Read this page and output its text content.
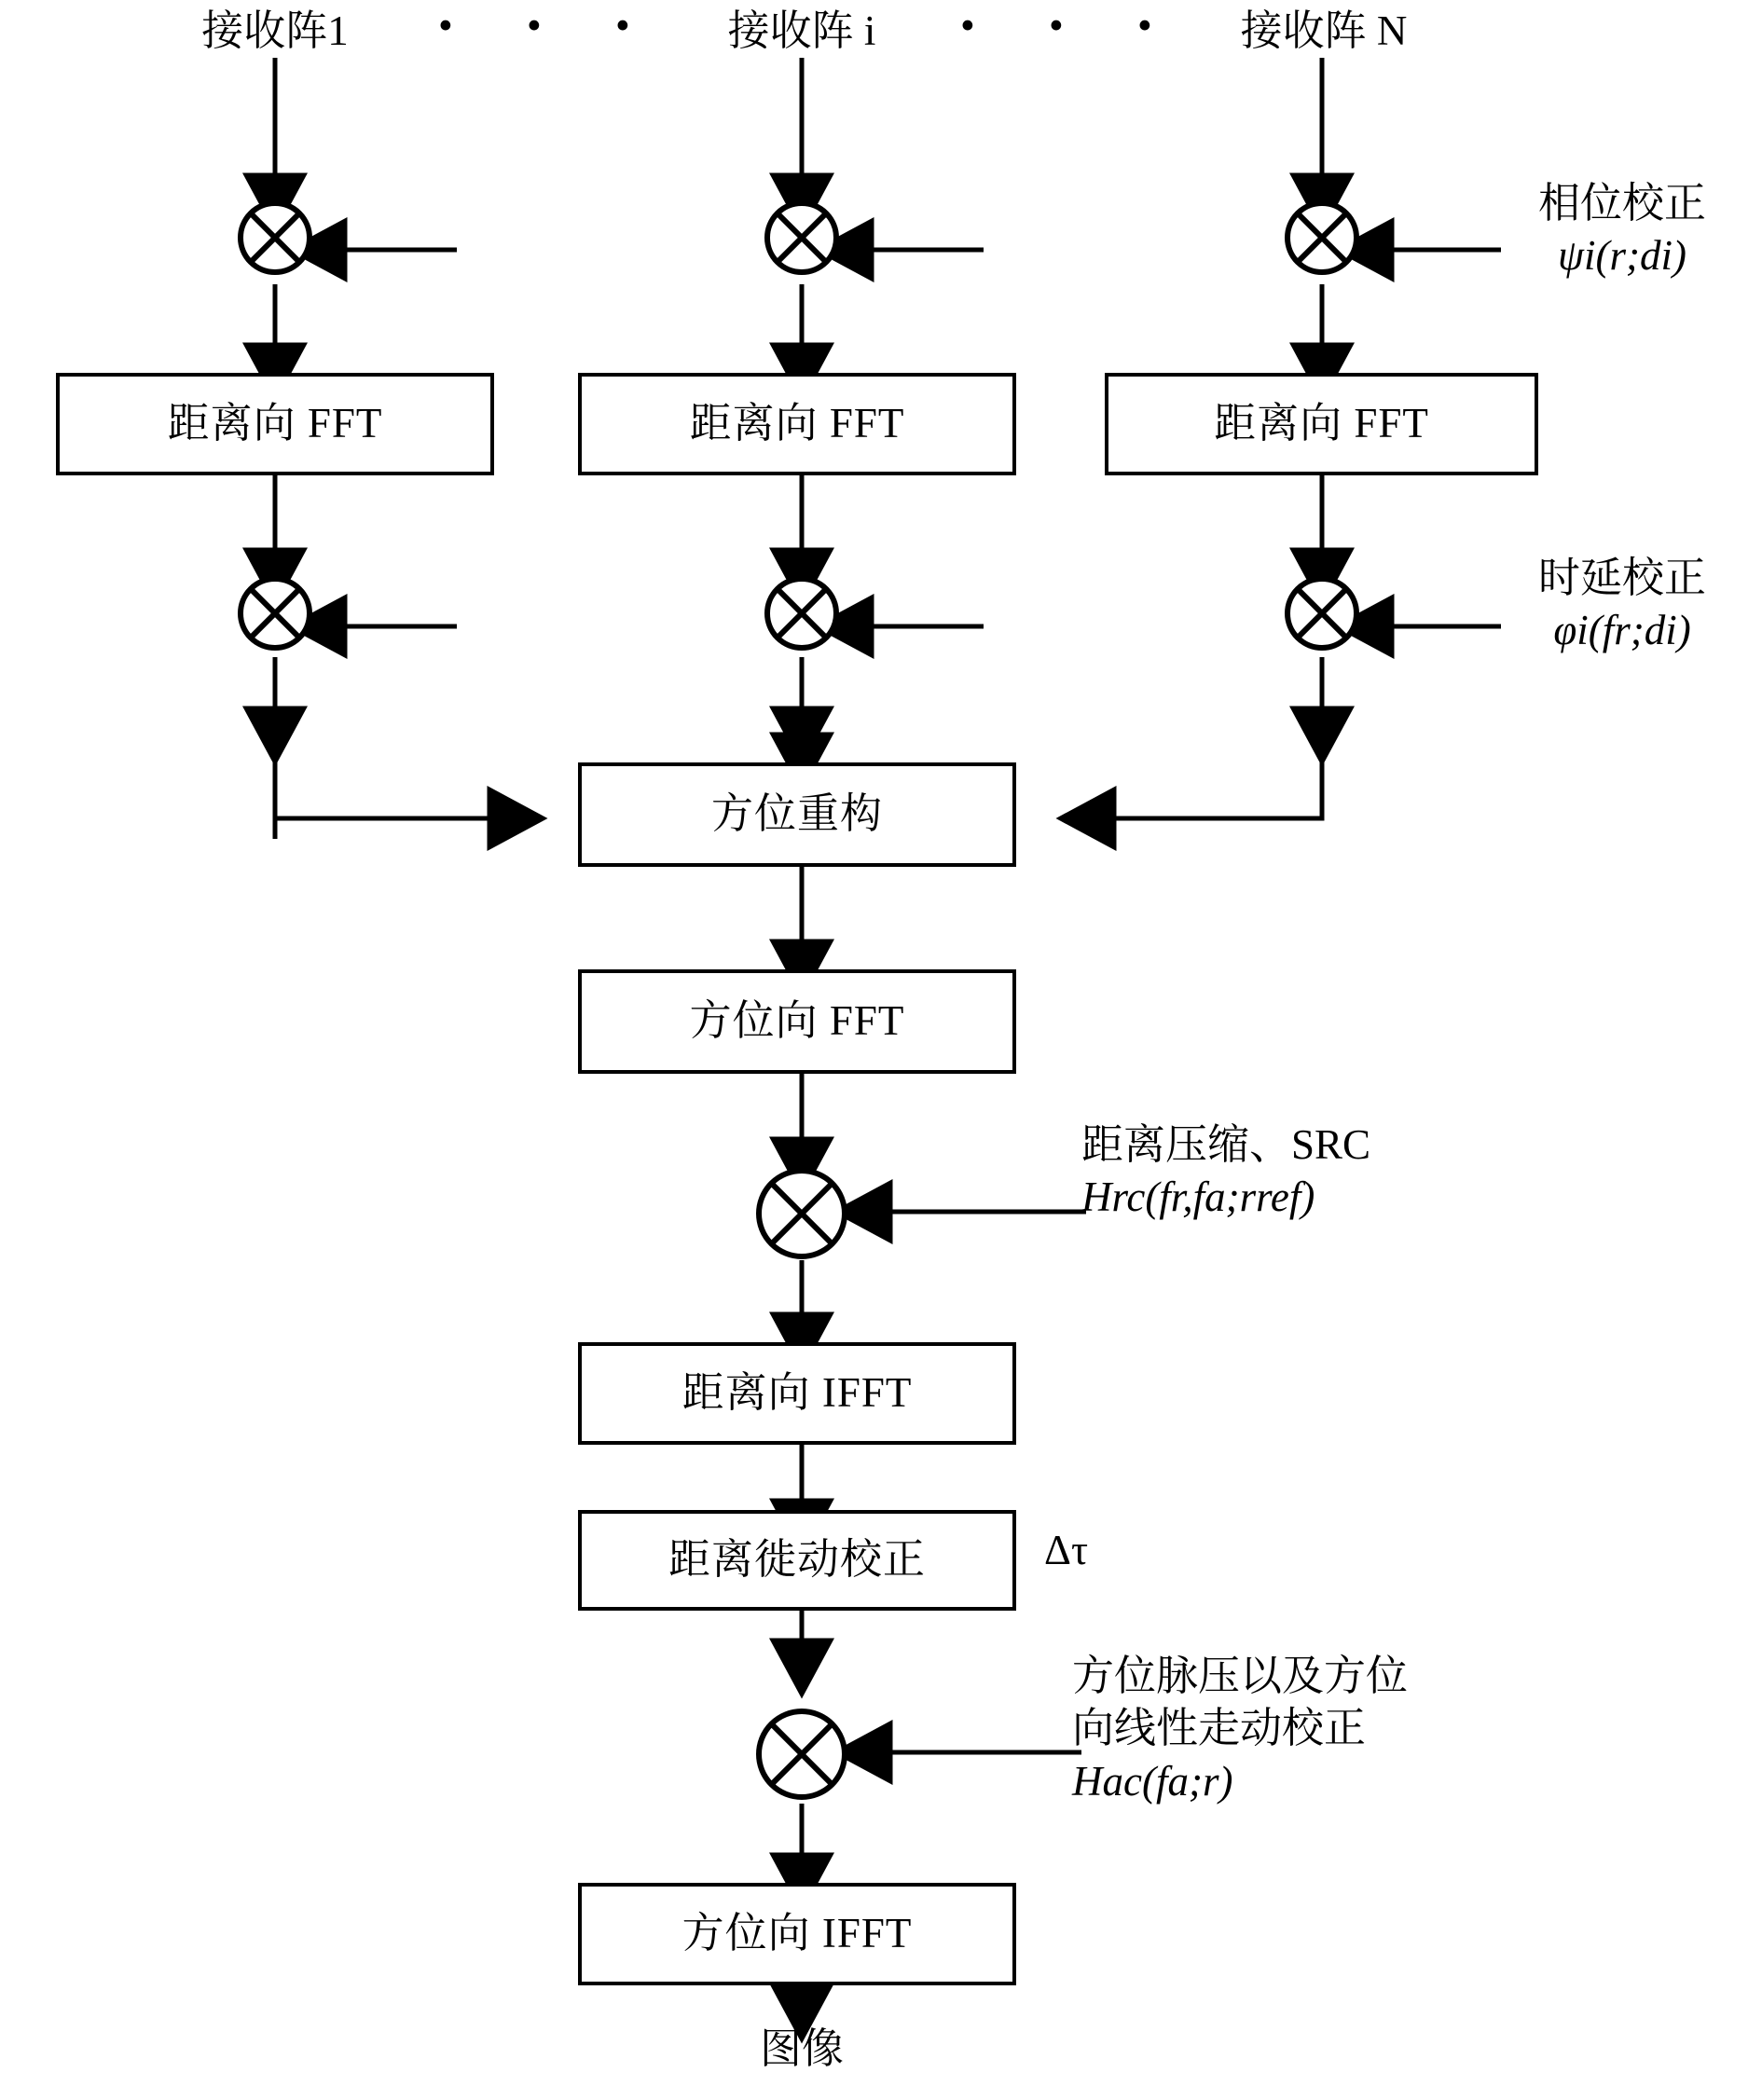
接收阵1	• • •	接收阵 i	• • •	接收阵 N
距离向 FFT	距离向 FFT	距离向 FFT
相位校正
ψi(r;di)
时延校正
φi(fr;di)
距离压缩、SRC
Hrc(fr,fa;rref)
Δτ
方位脉压以及方位
向线性走动校正
Hac(fa;r)
方位重构
方位向 FFT
距离向 IFFT
距离徙动校正
方位向 IFFT
图像
